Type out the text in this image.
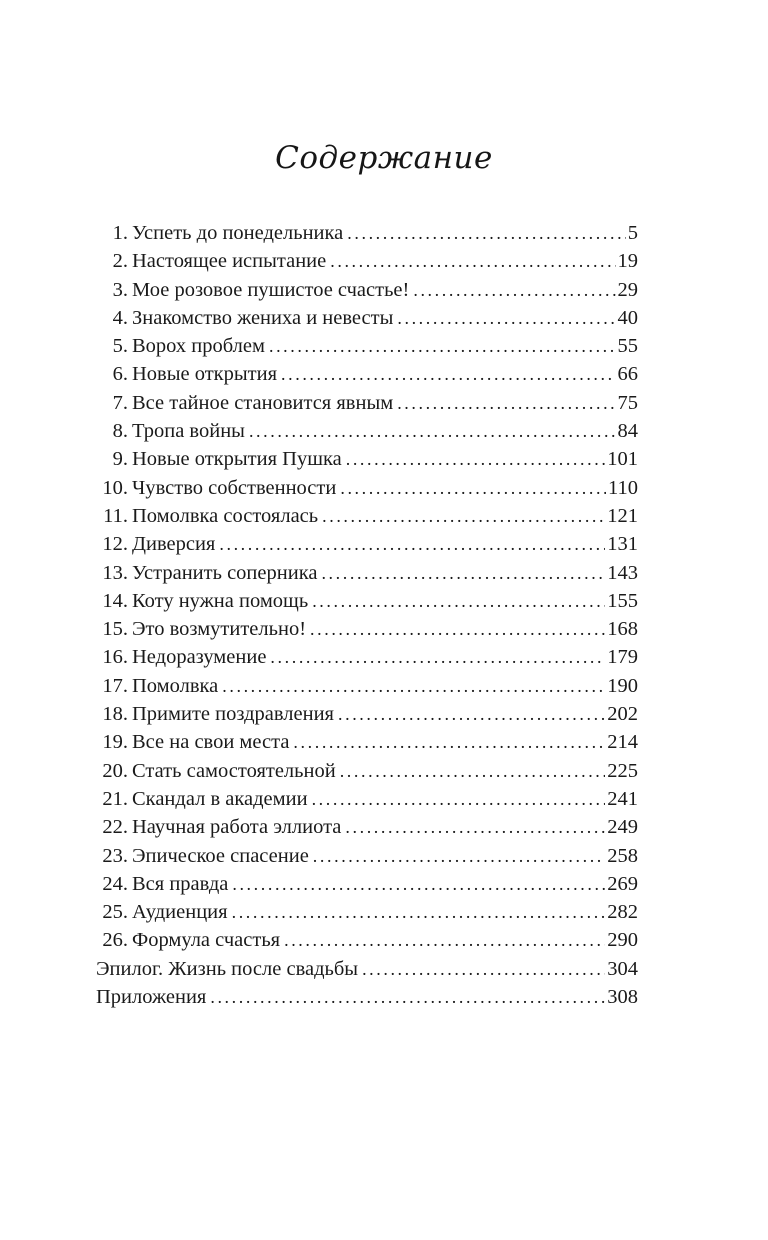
Содержание
1. Успеть до понедельника .....	5
2. Настоящее испытание .....	19
3. Мое розовое пушистое счастье! .....	29
4. Знакомство жениха и невесты .....	40
5. Ворох проблем .....	55
6. Новые открытия .....	66
7. Все тайное становится явным .....	75
8. Тропа войны .....	84
9. Новые открытия Пушка .....	101
10. Чувство собственности .....	110
11. Помолвка состоялась .....	121
12. Диверсия .....	131
13. Устранить соперника .....	143
14. Коту нужна помощь .....	155
15. Это возмутительно! .....	168
16. Недоразумение .....	179
17. Помолвка .....	190
18. Примите поздравления .....	202
19. Все на свои места .....	214
20. Стать самостоятельной .....	225
21. Скандал в академии .....	241
22. Научная работа эллиота .....	249
23. Эпическое спасение .....	258
24. Вся правда .....	269
25. Аудиенция .....	282
26. Формула счастья .....	290
Эпилог. Жизнь после свадьбы .....	304
Приложения .....	308
